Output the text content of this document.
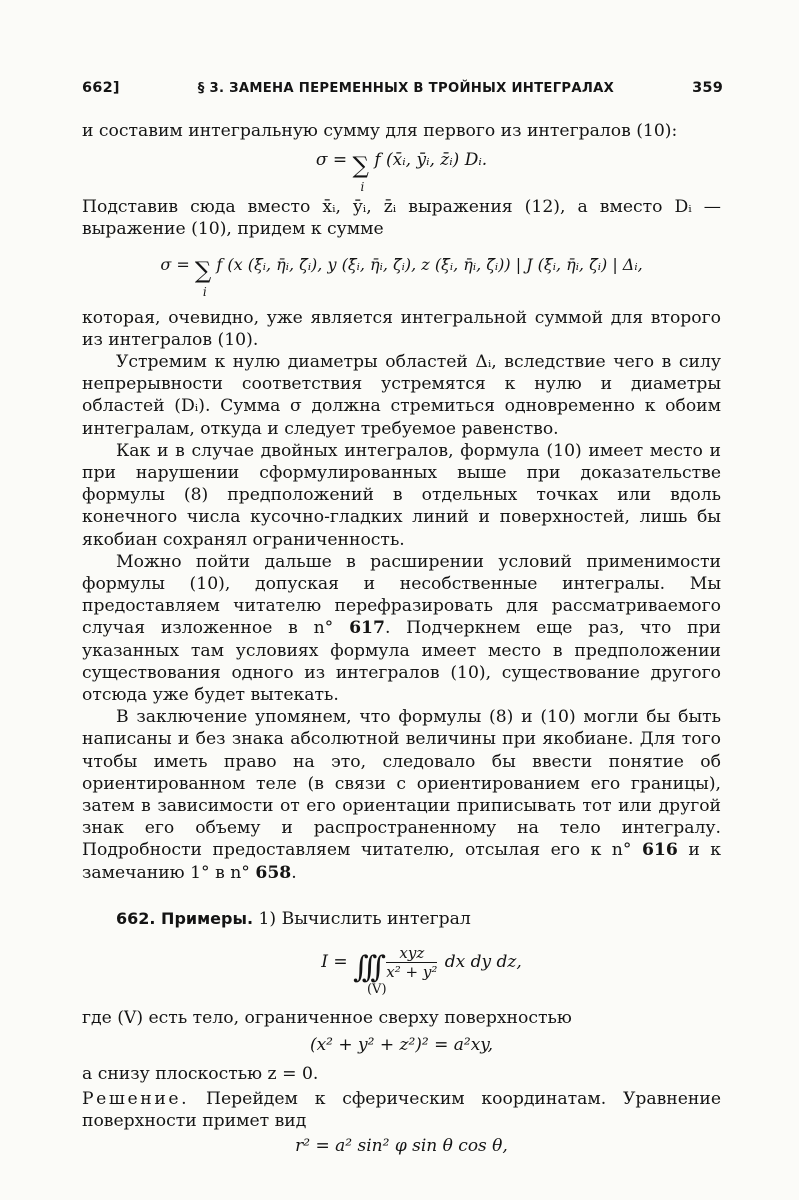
662]	§ 3. ЗАМЕНА ПЕРЕМЕННЫХ В ТРОЙНЫХ ИНТЕГРАЛАХ	359

и составим интегральную сумму для первого из интегралов (10):

σ = ∑
i
f (x̄ᵢ, ȳᵢ, z̄ᵢ) Dᵢ.

Подставив сюда вместо x̄ᵢ, ȳᵢ, z̄ᵢ выражения (12), а вместо Dᵢ — выражение (10), придем к сумме

σ = ∑
i
f (x (ξ̄ᵢ, η̄ᵢ, ζ̄ᵢ), y (ξ̄ᵢ, η̄ᵢ, ζ̄ᵢ), z (ξ̄ᵢ, η̄ᵢ, ζ̄ᵢ)) | J (ξ̄ᵢ, η̄ᵢ, ζ̄ᵢ) | Δᵢ,

которая, очевидно, уже является интегральной суммой для второго из интегралов (10).

Устремим к нулю диаметры областей Δᵢ, вследствие чего в силу непрерывности соответствия устремятся к нулю и диаметры областей (Dᵢ). Сумма σ должна стремиться одновременно к обоим интегралам, откуда и следует требуемое равенство.

Как и в случае двойных интегралов, формула (10) имеет место и при нарушении сформулированных выше при доказательстве формулы (8) предположений в отдельных точках или вдоль конечного числа кусочно-гладких линий и поверхностей, лишь бы якобиан сохранял ограниченность.

Можно пойти дальше в расширении условий применимости формулы (10), допуская и несобственные интегралы. Мы предоставляем читателю перефразировать для рассматриваемого случая изложенное в n° 617. Подчеркнем еще раз, что при указанных там условиях формула имеет место в предположении существования одного из интегралов (10), существование другого отсюда уже будет вытекать.

В заключение упомянем, что формулы (8) и (10) могли бы быть написаны и без знака абсолютной величины при якобиане. Для того чтобы иметь право на это, следовало бы ввести понятие об ориентированном теле (в связи с ориентированием его границы), затем в зависимости от его ориентации приписывать тот или другой знак его объему и распространенному на тело интегралу. Подробности предоставляем читателю, отсылая его к n° 616 и к замечанию 1° в n° 658.

662. Примеры. 1) Вычислить интеграл

I = ∫∫∫
(V)

$\frac{\text{xyz}}{\text{x² + y²}}$ dx dy dz,

где (V) есть тело, ограниченное сверху поверхностью

(x² + y² + z²)² = a²xy,

а снизу плоскостью z = 0.

Решение. Перейдем к сферическим координатам. Уравнение поверхности примет вид

r² = a² sin² φ sin θ cos θ,
